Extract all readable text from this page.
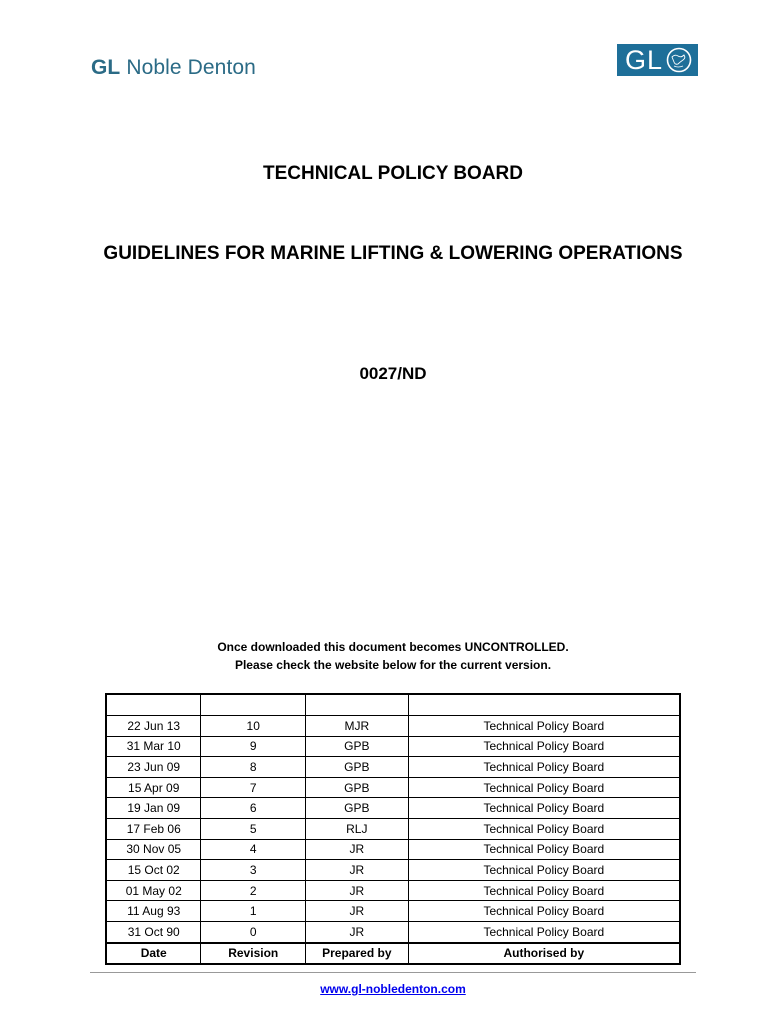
GL Noble Denton	GL
TECHNICAL POLICY BOARD
GUIDELINES FOR MARINE LIFTING & LOWERING OPERATIONS
0027/ND
Once downloaded this document becomes UNCONTROLLED.
Please check the website below for the current version.

22 Jun 13	10	MJR	Technical Policy Board
31 Mar 10	9	GPB	Technical Policy Board
23 Jun 09	8	GPB	Technical Policy Board
15 Apr 09	7	GPB	Technical Policy Board
19 Jan 09	6	GPB	Technical Policy Board
17 Feb 06	5	RLJ	Technical Policy Board
30 Nov 05	4	JR	Technical Policy Board
15 Oct 02	3	JR	Technical Policy Board
01 May 02	2	JR	Technical Policy Board
11 Aug 93	1	JR	Technical Policy Board
31 Oct 90	0	JR	Technical Policy Board
Date	Revision	Prepared by	Authorised by
www.gl-nobledenton.com
